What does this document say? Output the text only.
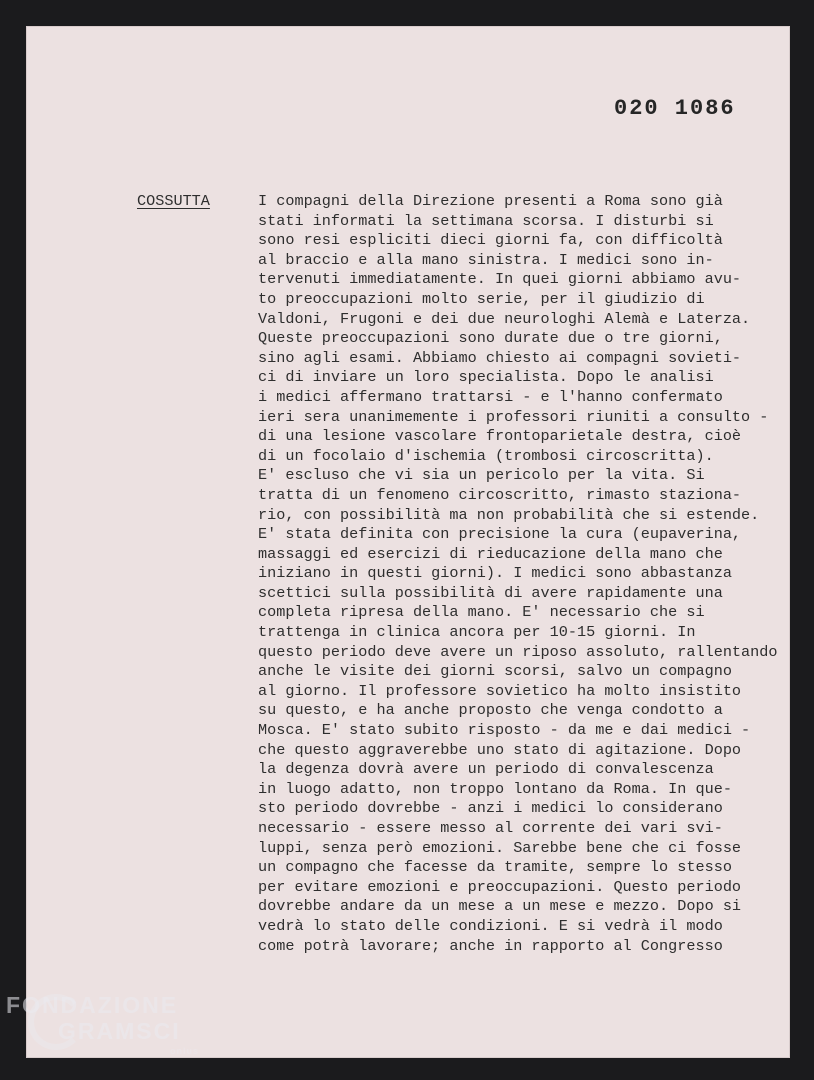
020 1086
COSSUTTA	I compagni della Direzione presenti a Roma sono già
stati informati la settimana scorsa. I disturbi si
sono resi espliciti dieci giorni fa, con difficoltà
al braccio e alla mano sinistra. I medici sono in-
tervenuti immediatamente. In quei giorni abbiamo avu-
to preoccupazioni molto serie, per il giudizio di
Valdoni, Frugoni e dei due neurologhi Alemà e Laterza.
Queste preoccupazioni sono durate due o tre giorni,
sino agli esami. Abbiamo chiesto ai compagni sovieti-
ci di inviare un loro specialista. Dopo le analisi
i medici affermano trattarsi - e l'hanno confermato
ieri sera unanimemente i professori riuniti a consulto -
di una lesione vascolare frontoparietale destra, cioè
di un focolaio d'ischemia (trombosi circoscritta).
E' escluso che vi sia un pericolo per la vita. Si
tratta di un fenomeno circoscritto, rimasto staziona-
rio, con possibilità ma non probabilità che si estende.
E' stata definita con precisione la cura (eupaverina,
massaggi ed esercizi di rieducazione della mano che
iniziano in questi giorni). I medici sono abbastanza
scettici sulla possibilità di avere rapidamente una
completa ripresa della mano. E' necessario che si
trattenga in clinica ancora per 10-15 giorni. In
questo periodo deve avere un riposo assoluto, rallentando
anche le visite dei giorni scorsi, salvo un compagno
al giorno. Il professore sovietico ha molto insistito
su questo, e ha anche proposto che venga condotto a
Mosca. E' stato subito risposto - da me e dai medici -
che questo aggraverebbe uno stato di agitazione. Dopo
la degenza dovrà avere un periodo di convalescenza
in luogo adatto, non troppo lontano da Roma. In que-
sto periodo dovrebbe - anzi i medici lo considerano
necessario - essere messo al corrente dei vari svi-
luppi, senza però emozioni. Sarebbe bene che ci fosse
un compagno che facesse da tramite, sempre lo stesso
per evitare emozioni e preoccupazioni. Questo periodo
dovrebbe andare da un mese a un mese e mezzo. Dopo si
vedrà lo stato delle condizioni. E si vedrà il modo
come potrà lavorare; anche in rapporto al Congresso
FONDAZIONE
GRAMSCI
onlus
